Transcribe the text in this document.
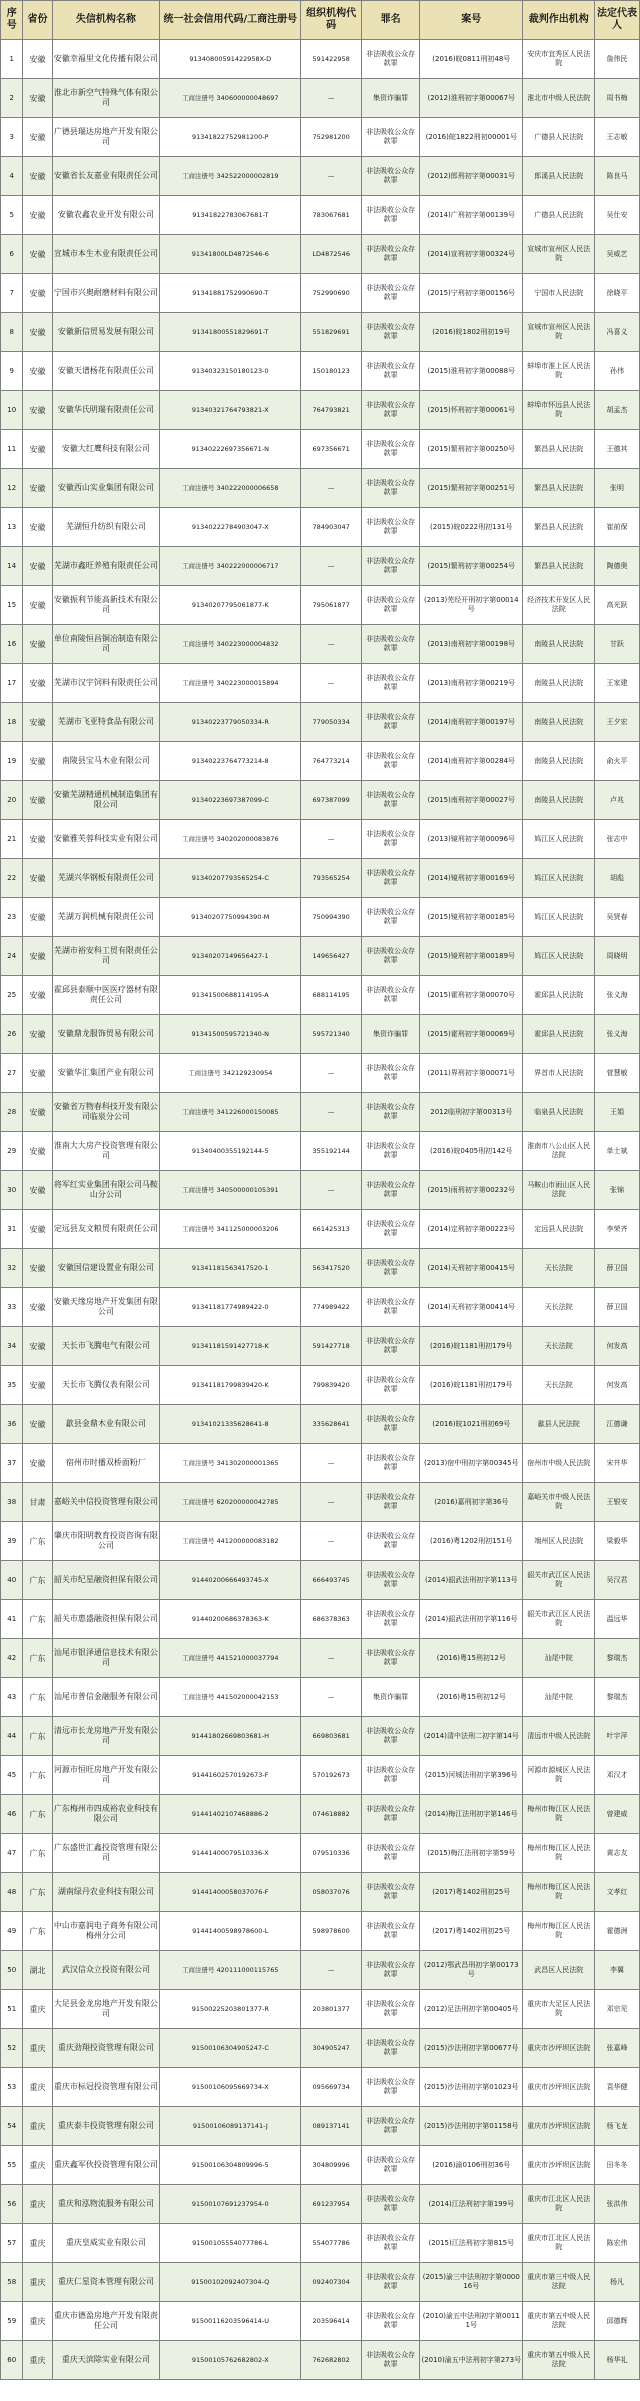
序号	省份	失信机构名称	统一社会信用代码/工商注册号	组织机构代码	罪名	案号	裁判作出机构	法定代表人
1	安徽	安徽幸福里文化传播有限公司	91340800591422958X-D	591422958	非法吸收公众存款罪	(2016)皖0811刑初48号	安庆市宜秀区人民法院	詹伟民
2	安徽	淮北市新空气特殊气体有限公司	工商注册号 340600000048697	—	集资诈骗罪	(2012)淮刑初字第00067号	淮北市中级人民法院	周书梅
3	安徽	广德县瑞达房地产开发有限公司	91341822752981200-P	752981200	非法吸收公众存款罪	(2016)皖1822刑初00001号	广德县人民法院	王志敏
4	安徽	安徽省长友嘉业有限责任公司	工商注册号 342522000002819	—	非法吸收公众存款罪	(2012)郎刑初字第00031号	郎溪县人民法院	陈良马
5	安徽	安徽农鑫农业开发有限公司	91341822783067681-T	783067681	非法吸收公众存款罪	(2014)广刑初字第00139号	广德县人民法院	吴仕安
6	安徽	宣城市本生木业有限责任公司	91341800LD4872546-6	LD4872546	非法吸收公众存款罪	(2014)宣刑初字第00324号	宣城市宣州区人民法院	吴威艺
7	安徽	宁国市兴奥耐磨材料有限公司	91341881752990690-T	752990690	非法吸收公众存款罪	(2015)宁刑初字第00156号	宁国市人民法院	徐晓平
8	安徽	安徽新信贸易发展有限公司	91341800551829691-T	551829691	非法吸收公众存款罪	(2016)皖1802刑初19号	宣城市宣州区人民法院	冯喜义
9	安徽	安徽天谱杨花有限责任公司	91340323150180123-0	150180123	非法吸收公众存款罪	(2015)淮刑初字第00088号	蚌埠市淮上区人民法院	孙伟
10	安徽	安徽华氏明瑞有限责任公司	91340321764793821-X	764793821	非法吸收公众存款罪	(2015)怀刑初字第00061号	蚌埠市怀远县人民法院	胡孟杰
11	安徽	安徽大红鹰科技有限公司	91340222697356671-N	697356671	非法吸收公众存款罪	(2015)繁刑初字第00250号	繁昌县人民法院	王德其
12	安徽	安徽西山实业集团有限公司	工商注册号 340222000006658	—	非法吸收公众存款罪	(2015)繁刑初字第00251号	繁昌县人民法院	张明
13	安徽	芜湖恒升纺织有限公司	91340222784903047-X	784903047	非法吸收公众存款罪	(2015)皖0222刑初131号	繁昌县人民法院	崔前保
14	安徽	芜湖市鑫旺养殖有限责任公司	工商注册号 340222000006717	—	非法吸收公众存款罪	(2015)繁刑初字第00254号	繁昌县人民法院	陶德奥
15	安徽	安徽振利节能高新技术有限公司	91340207795061877-K	795061877	非法吸收公众存款罪	(2013)芜经开刑初字第00014号	经济技术开发区人民法院	高光跃
16	安徽	单位南陵恒昌铜冶制造有限公司	工商注册号 340223000004832	—	非法吸收公众存款罪	(2013)南刑初字第00198号	南陵县人民法院	甘跃
17	安徽	芜湖市汉宇饲料有限责任公司	工商注册号 340223000015894	—	非法吸收公众存款罪	(2013)南刑初字第00219号	南陵县人民法院	王家建
18	安徽	芜湖市飞亚特食品有限公司	91340223779050334-R	779050334	非法吸收公众存款罪	(2014)南刑初字第00197号	南陵县人民法院	王夕宏
19	安徽	南陵县宝马木业有限公司	91340223764773214-8	764773214	非法吸收公众存款罪	(2014)南刑初字第00284号	南陵县人民法院	俞火平
20	安徽	安徽芜湖精通机械制造集团有限公司	91340223697387099-C	697387099	非法吸收公众存款罪	(2015)南刑初字第00027号	南陵县人民法院	卢兆
21	安徽	安徽雅芙蓉科技实业有限公司	工商注册号 340202000083876	—	非法吸收公众存款罪	(2013)镜刑初字第00096号	鸠江区人民法院	张志中
22	安徽	芜湖兴华钢板有限责任公司	91340207793565254-C	793565254	非法吸收公众存款罪	(2014)镜刑初字第00169号	鸠江区人民法院	胡彪
23	安徽	芜湖万润机械有限责任公司	91340207750994390-M	750994390	非法吸收公众存款罪	(2015)镜刑初字第00185号	鸠江区人民法院	吴贤春
24	安徽	芜湖市裕安科工贸有限责任公司	91340207149656427-1	149656427	非法吸收公众存款罪	(2015)镜刑初字第00189号	鸠江区人民法院	周晓明
25	安徽	霍邱县泰顺中医医疗器材有限责任公司	91341500688114195-A	688114195	非法吸收公众存款罪	(2015)霍刑初字第00070号	霍邱县人民法院	张义海
26	安徽	安徽鼎龙服饰贸易有限公司	91341500595721340-N	595721340	集资诈骗罪	(2015)霍刑初字第00069号	霍邱县人民法院	张义海
27	安徽	安徽华汇集团产业有限公司	工商注册号 342129230954	—	非法吸收公众存款罪	(2011)界刑初字第00071号	界首市人民法院	菅慧敏
28	安徽	安徽省万物春科技开发有限公司临泉分公司	工商注册号 341226000150085	—	非法吸收公众存款罪	2012临刑初字第00313号	临泉县人民法院	王娟
29	安徽	淮南大大房产投资管理有限公司	91340400355192144-5	355192144	非法吸收公众存款罪	(2016)皖0405刑初142号	淮南市八公山区人民法院	单士斌
30	安徽	将军红实业集团有限公司马鞍山分公司	工商注册号 340500000105391	—	非法吸收公众存款罪	(2015)雨刑初字第00232号	马鞍山市雨山区人民法院	张锦
31	安徽	定远县友文粮贸有限责任公司	工商注册号 341125000003206	661425313	非法吸收公众存款罪	(2014)定刑初字第00223号	定远县人民法院	李荣齐
32	安徽	安徽国信建设置业有限公司	91341181563417520-1	563417520	非法吸收公众存款罪	(2014)天刑初字第00415号	天长法院	薛卫国
33	安徽	安徽天缘房地产开发集团有限公司	91341181774989422-0	774989422	非法吸收公众存款罪	(2014)天刑初字第00414号	天长法院	薛卫国
34	安徽	天长市飞腾电气有限公司	91341181591427718-K	591427718	非法吸收公众存款罪	(2016)皖1181刑初179号	天长法院	何发高
35	安徽	天长市飞腾仪表有限公司	91341181799839420-K	799839420	非法吸收公众存款罪	(2016)皖1181刑初179号	天长法院	何发高
36	安徽	歙县金鼎木业有限公司	91341021335628641-8	335628641	非法吸收公众存款罪	(2016)皖1021刑初69号	歙县人民法院	江德谦
37	安徽	宿州市时播双桥面粉厂	工商注册号 341302000001365	—	非法吸收公众存款罪	(2013)宿中刑初字第00345号	宿州市中级人民法院	宋井华
38	甘肃	嘉峪关中信投资管理有限公司	工商注册号 620200000042785	—	非法吸收公众存款罪	(2016)嘉刑初字第36号	嘉峪关市中级人民法院	王银安
39	广东	肇庆市阳明教育投资咨询有限公司	工商注册号 441200000083182	—	非法吸收公众存款罪	(2016)粤1202刑初151号	端州区人民法院	梁毅华
40	广东	韶关市纪星融资担保有限公司	91440200666493745-X	666493745	非法吸收公众存款罪	(2014)韶武法刑初字第113号	韶关市武江区人民法院	吴汉君
41	广东	韶关市惠盛融资担保有限公司	91440200686378363-K	686378363	非法吸收公众存款罪	(2014)韶武法刑初字第116号	韶关市武江区人民法院	温远华
42	广东	汕尾市银泽通信息技术有限公司	工商注册号 441521000037794	—	非法吸收公众存款罪	(2016)粤15刑初12号	汕尾中院	黎瑞杰
43	广东	汕尾市普信金融服务有限公司	工商注册号 441502000042153	—	集资诈骗罪	(2016)粤15刑初12号	汕尾中院	黎瑞杰
44	广东	清远市长龙房地产开发有限公司	91441802669803681-H	669803681	非法吸收公众存款罪	(2014)清中法刑二初字第14号	清远市中级人民法院	叶宇萍
45	广东	河源市恒旺房地产开发有限公司	91441602570192673-F	570192673	非法吸收公众存款罪	(2015)河城法刑初字第396号	河源市源城区人民法院	邓汉才
46	广东	广东梅州市四成裕农业科技有限公司	91441402107468886-2	074618882	非法吸收公众存款罪	(2014)梅江法刑初字第146号	梅州市梅江区人民法院	曾建威
47	广东	广东盛世汇鑫投资管理有限公司	91441400079510336-X	079510336	非法吸收公众存款罪	(2015)梅江法刑初字第59号	梅州市梅江区人民法院	黄志友
48	广东	湖南绿丹农业科技有限公司	91441400058037076-F	058037076	非法吸收公众存款罪	(2017)粤1402刑初25号	梅州市梅江区人民法院	文孝红
49	广东	中山市嘉润电子商务有限公司梅州分公司	91441400598978600-L	598978600	非法吸收公众存款罪	(2017)粤1402刑初25号	梅州市梅江区人民法院	霍德洲
50	湖北	武汉信众立投资有限公司	工商注册号 420111000115765	—	非法吸收公众存款罪	(2012)鄂武昌刑初字第00173号	武昌区人民法院	李翼
51	重庆	大足县金龙房地产开发有限公司	91500225203801377-R	203801377	非法吸收公众存款罪	(2012)足法刑初字第00405号	重庆市大足区人民法院	邓宗见
52	重庆	重庆劲翔投资管理有限公司	91500106304905247-C	304905247	非法吸收公众存款罪	(2015)沙法刑初字第00677号	重庆市沙坪坝区法院	张嘉峰
53	重庆	重庆市标冠投资管理有限公司	91500106095669734-X	095669734	非法吸收公众存款罪	(2015)沙法刑初字第01023号	重庆市沙坪坝区法院	袁华健
54	重庆	重庆泰丰投资管理有限公司	91500106089137141-J	089137141	非法吸收公众存款罪	(2015)沙法刑初字第01158号	重庆市沙坪坝区法院	杨飞龙
55	重庆	重庆鑫军伙投资管理有限公司	91500106304809996-5	304809996	非法吸收公众存款罪	(2016)渝0106刑初36号	重庆市沙坪坝区法院	田冬冬
56	重庆	重庆和泓物流服务有限公司	91500107691237954-0	691237954	非法吸收公众存款罪	(2014)江法刑初字第199号	重庆市江北区人民法院	张洪伟
57	重庆	重庆皇威实业有限公司	91500105554077786-L	554077786	非法吸收公众存款罪	(2015)江法刑初字第815号	重庆市江北区人民法院	陈宏伟
58	重庆	重庆仁星资本管理有限公司	91500102092407304-Q	092407304	非法吸收公众存款罪	(2015)渝三中法刑初字第000016号	重庆市第三中级人民法院	杨凡
59	重庆	重庆市德盈房地产开发有限责任公司	91500116203596414-U	203596414	非法吸收公众存款罪	(2010)渝五中法刑初字第00111号	重庆市第五中级人民法院	邱德辉
60	重庆	重庆天滨除实业有限公司	91500105762682802-X	762682802	非法吸收公众存款罪	(2010)渝五中法刑初字第273号	重庆市第五中级人民法院	杨华礼
